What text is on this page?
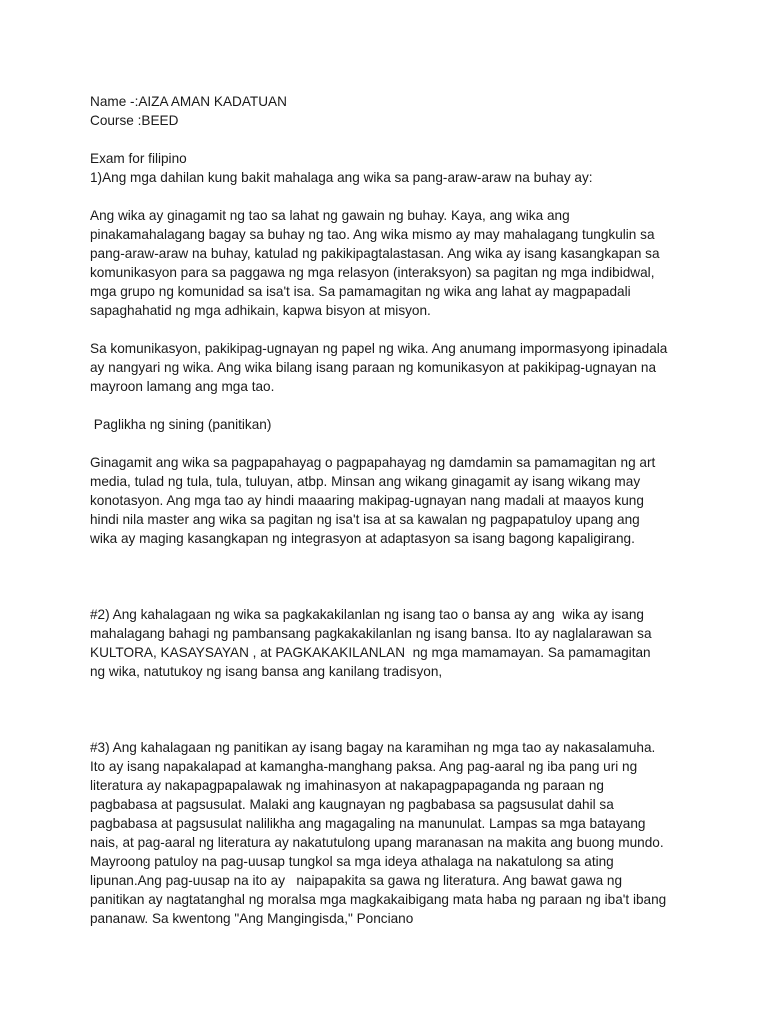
Name -:AIZA AMAN KADATUAN
Course :BEED
Exam for filipino
1)Ang mga dahilan kung bakit mahalaga ang wika sa pang-araw-araw na buhay ay:
Ang wika ay ginagamit ng tao sa lahat ng gawain ng buhay. Kaya, ang wika ang
pinakamahalagang bagay sa buhay ng tao. Ang wika mismo ay may mahalagang tungkulin sa
pang-araw-araw na buhay, katulad ng pakikipagtalastasan. Ang wika ay isang kasangkapan sa
komunikasyon para sa paggawa ng mga relasyon (interaksyon) sa pagitan ng mga indibidwal,
mga grupo ng komunidad sa isa't isa. Sa pamamagitan ng wika ang lahat ay magpapadali
sapaghahatid ng mga adhikain, kapwa bisyon at misyon.
Sa komunikasyon, pakikipag-ugnayan ng papel ng wika. Ang anumang impormasyong ipinadala
ay nangyari ng wika. Ang wika bilang isang paraan ng komunikasyon at pakikipag-ugnayan na
mayroon lamang ang mga tao.
Paglikha ng sining (panitikan)
Ginagamit ang wika sa pagpapahayag o pagpapahayag ng damdamin sa pamamagitan ng art
media, tulad ng tula, tula, tuluyan, atbp. Minsan ang wikang ginagamit ay isang wikang may
konotasyon. Ang mga tao ay hindi maaaring makipag-ugnayan nang madali at maayos kung
hindi nila master ang wika sa pagitan ng isa't isa at sa kawalan ng pagpapatuloy upang ang
wika ay maging kasangkapan ng integrasyon at adaptasyon sa isang bagong kapaligirang.
#2) Ang kahalagaan ng wika sa pagkakakilanlan ng isang tao o bansa ay ang  wika ay isang
mahalagang bahagi ng pambansang pagkakakilanlan ng isang bansa. Ito ay naglalarawan sa
KULTORA, KASAYSAYAN , at PAGKAKAKILANLAN  ng mga mamamayan. Sa pamamagitan
ng wika, natutukoy ng isang bansa ang kanilang tradisyon,
#3) Ang kahalagaan ng panitikan ay isang bagay na karamihan ng mga tao ay nakasalamuha.
Ito ay isang napakalapad at kamangha-manghang paksa. Ang pag-aaral ng iba pang uri ng
literatura ay nakapagpapalawak ng imahinasyon at nakapagpapaganda ng paraan ng
pagbabasa at pagsusulat. Malaki ang kaugnayan ng pagbabasa sa pagsusulat dahil sa
pagbabasa at pagsusulat nalilikha ang magagaling na manunulat. Lampas sa mga batayang
nais, at pag-aaral ng literatura ay nakatutulong upang maranasan na makita ang buong mundo.
Mayroong patuloy na pag-uusap tungkol sa mga ideya athalaga na nakatulong sa ating
lipunan.Ang pag-uusap na ito ay   naipapakita sa gawa ng literatura. Ang bawat gawa ng
panitikan ay nagtatanghal ng moralsa mga magkakaibigang mata haba ng paraan ng iba't ibang
pananaw. Sa kwentong "Ang Mangingisda," Ponciano
